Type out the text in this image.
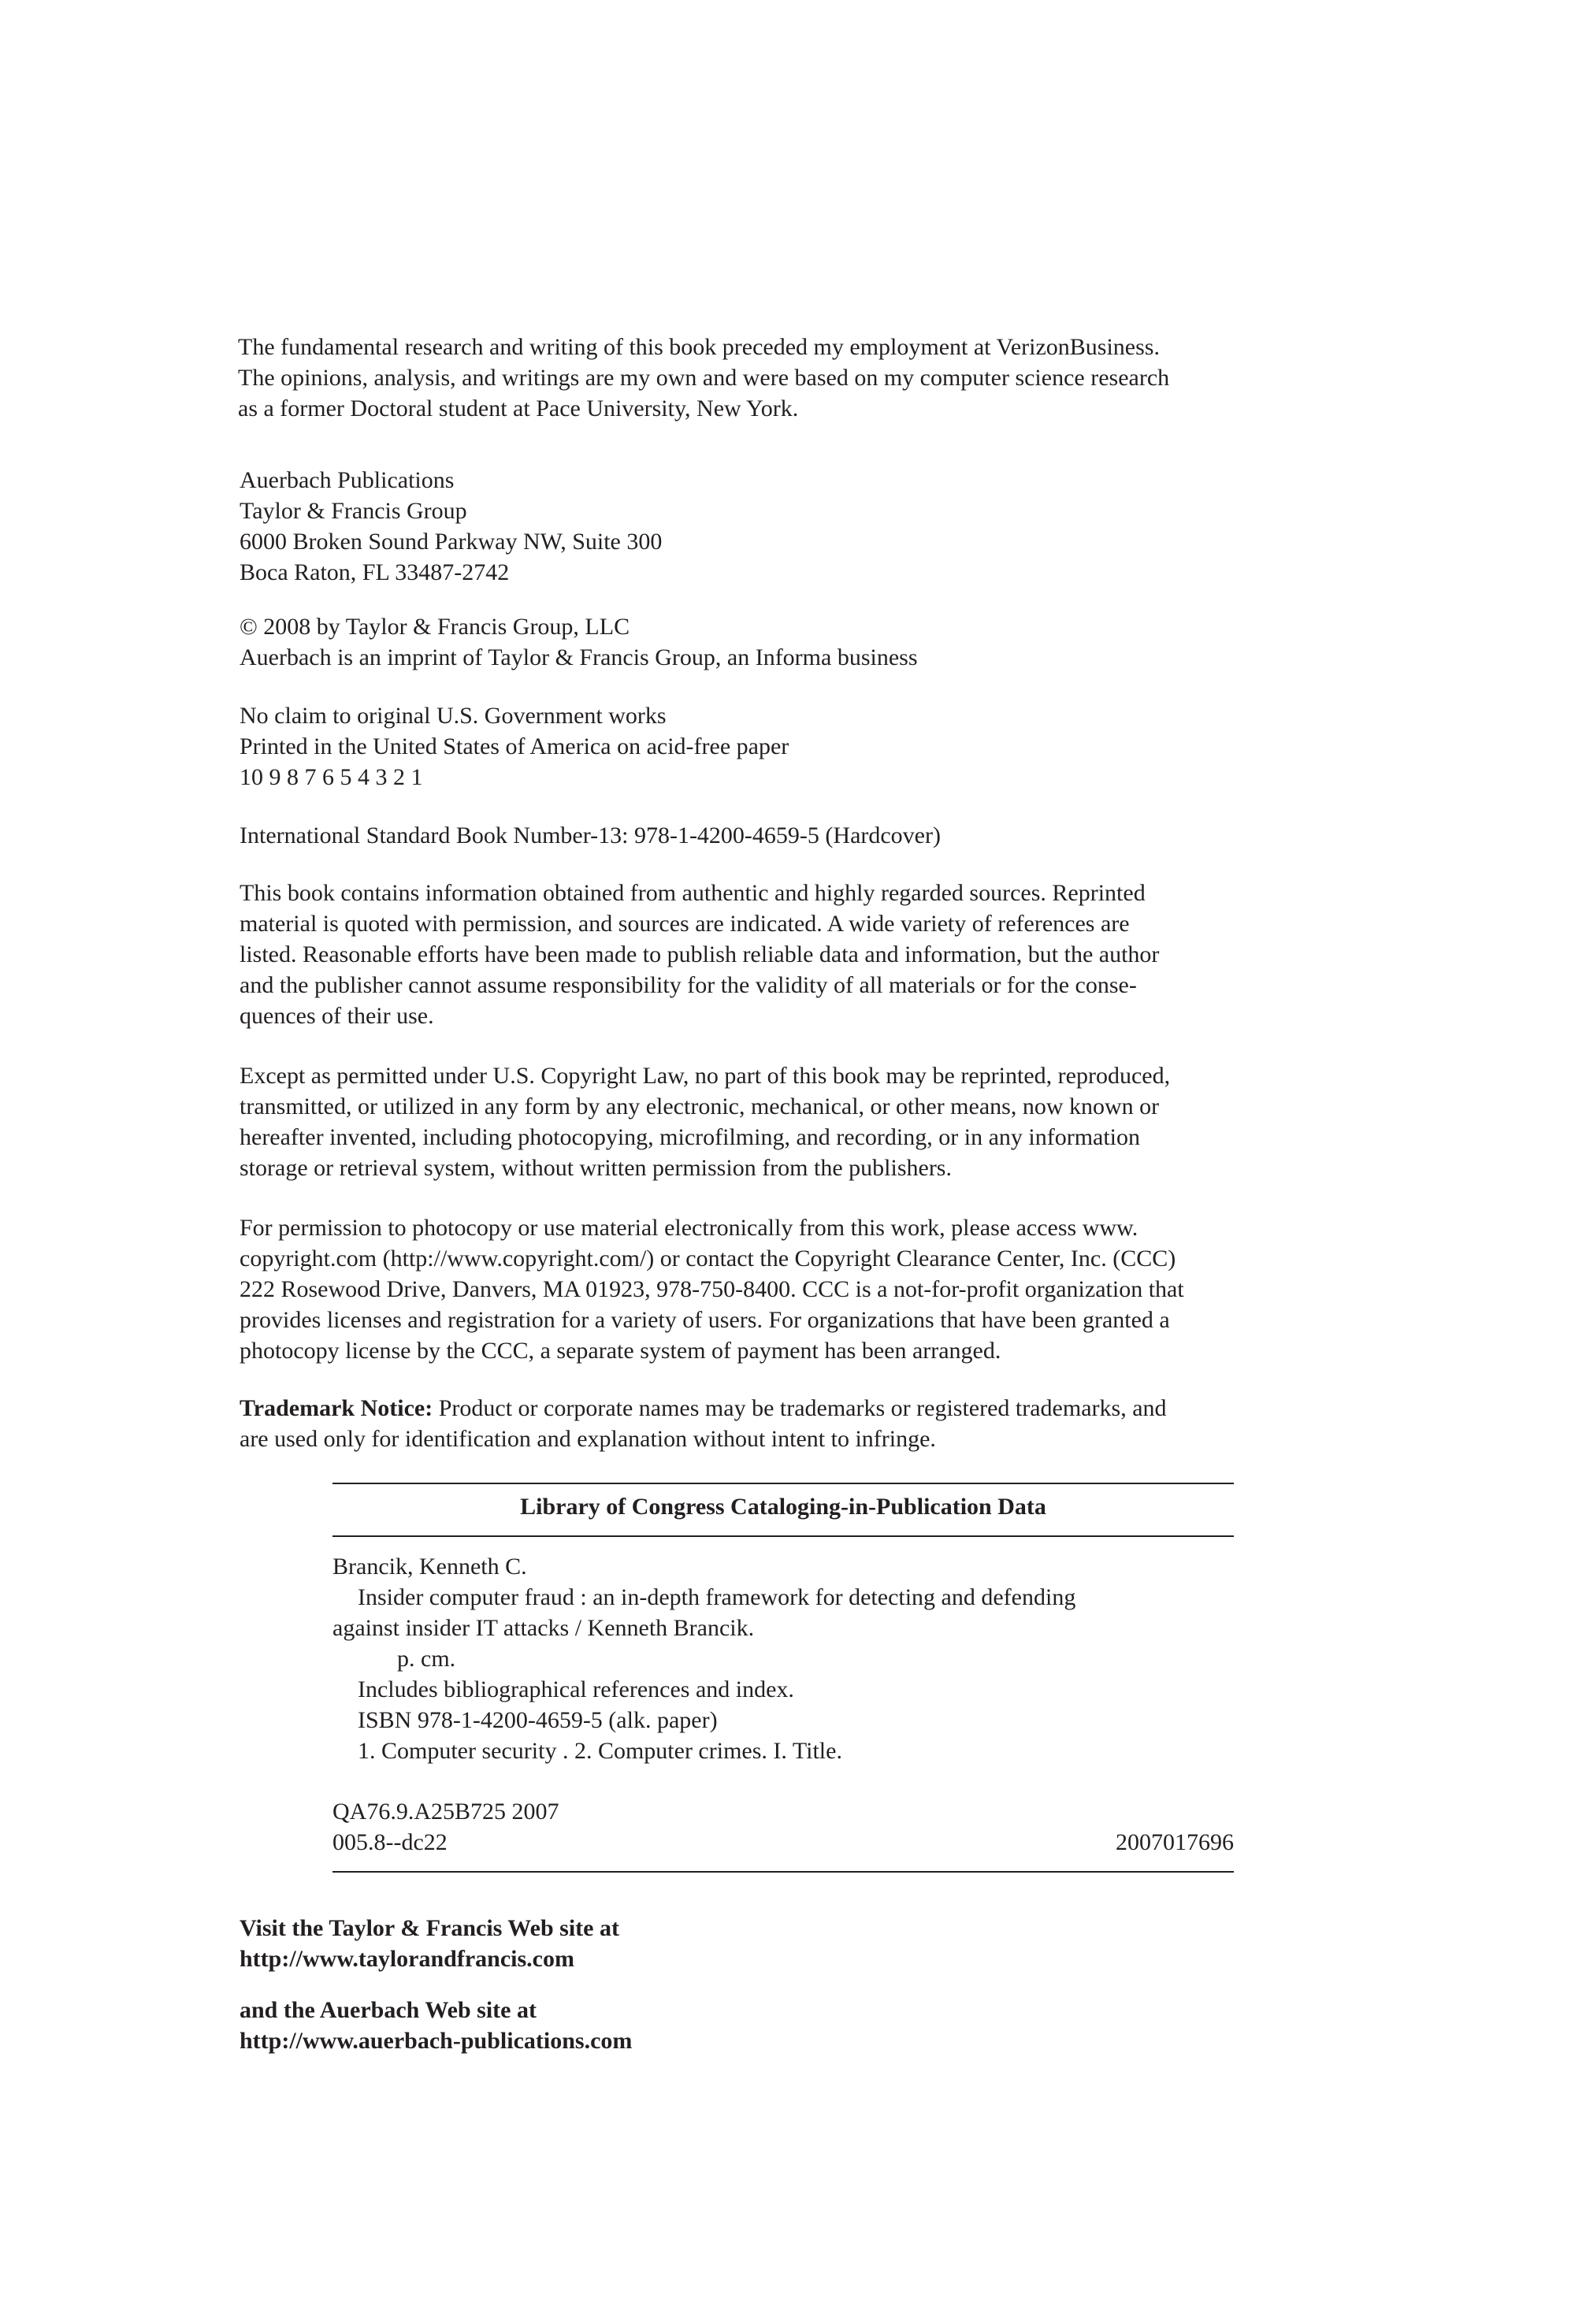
The fundamental research and writing of this book preceded my employment at VerizonBusiness.
The opinions, analysis, and writings are my own and were based on my computer science research
as a former Doctoral student at Pace University, New York.
Auerbach Publications
Taylor & Francis Group
6000 Broken Sound Parkway NW, Suite 300
Boca Raton, FL 33487-2742
© 2008 by Taylor & Francis Group, LLC
Auerbach is an imprint of Taylor & Francis Group, an Informa business
No claim to original U.S. Government works
Printed in the United States of America on acid-free paper
10 9 8 7 6 5 4 3 2 1
International Standard Book Number-13: 978-1-4200-4659-5 (Hardcover)
This book contains information obtained from authentic and highly regarded sources. Reprinted
material is quoted with permission, and sources are indicated. A wide variety of references are
listed. Reasonable efforts have been made to publish reliable data and information, but the author
and the publisher cannot assume responsibility for the validity of all materials or for the conse-
quences of their use.
Except as permitted under U.S. Copyright Law, no part of this book may be reprinted, reproduced,
transmitted, or utilized in any form by any electronic, mechanical, or other means, now known or
hereafter invented, including photocopying, microfilming, and recording, or in any information
storage or retrieval system, without written permission from the publishers.
For permission to photocopy or use material electronically from this work, please access www.
copyright.com (http://www.copyright.com/) or contact the Copyright Clearance Center, Inc. (CCC)
222 Rosewood Drive, Danvers, MA 01923, 978-750-8400. CCC is a not-for-profit organization that
provides licenses and registration for a variety of users. For organizations that have been granted a
photocopy license by the CCC, a separate system of payment has been arranged.
Trademark Notice: Product or corporate names may be trademarks or registered trademarks, and
are used only for identification and explanation without intent to infringe.
Library of Congress Cataloging-in-Publication Data
Brancik, Kenneth C.
Insider computer fraud : an in-depth framework for detecting and defending
against insider IT attacks / Kenneth Brancik.
p. cm.
Includes bibliographical references and index.
ISBN 978-1-4200-4659-5 (alk. paper)
1. Computer security . 2. Computer crimes. I. Title.
QA76.9.A25B725 2007
005.8--dc22	2007017696
Visit the Taylor & Francis Web site at
http://www.taylorandfrancis.com
and the Auerbach Web site at
http://www.auerbach-publications.com
